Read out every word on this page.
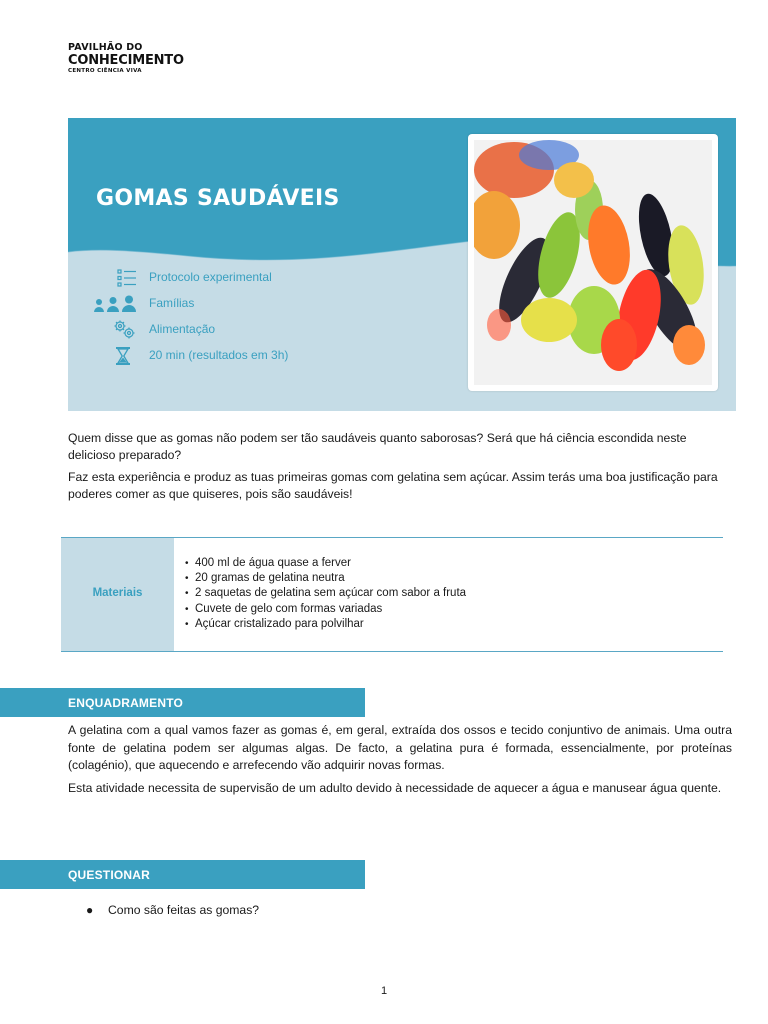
PAVILHÃO DO
CONHECIMENTO
CENTRO CIÊNCIA VIVA
GOMAS SAUDÁVEIS
Protocolo experimental
Famílias
Alimentação
20 min (resultados em 3h)

Quem disse que as gomas não podem ser tão saudáveis quanto saborosas? Será que há ciência escondida neste delicioso preparado?

Faz esta experiência e produz as tuas primeiras gomas com gelatina sem açúcar. Assim terás uma boa justificação para poderes comer as que quiseres, pois são saudáveis!

Materiais
• 400 ml de água quase a ferver
• 20 gramas de gelatina neutra
• 2 saquetas de gelatina sem açúcar com sabor a fruta
• Cuvete de gelo com formas variadas
• Açúcar cristalizado para polvilhar
ENQUADRAMENTO

A gelatina com a qual vamos fazer as gomas é, em geral, extraída dos ossos e tecido conjuntivo de animais. Uma outra fonte de gelatina podem ser algumas algas. De facto, a gelatina pura é formada, essencialmente, por proteínas (colagénio), que aquecendo e arrefecendo vão adquirir novas formas.

Esta atividade necessita de supervisão de um adulto devido à necessidade de aquecer a água e manusear água quente.

QUESTIONAR
● Como são feitas as gomas?
1
